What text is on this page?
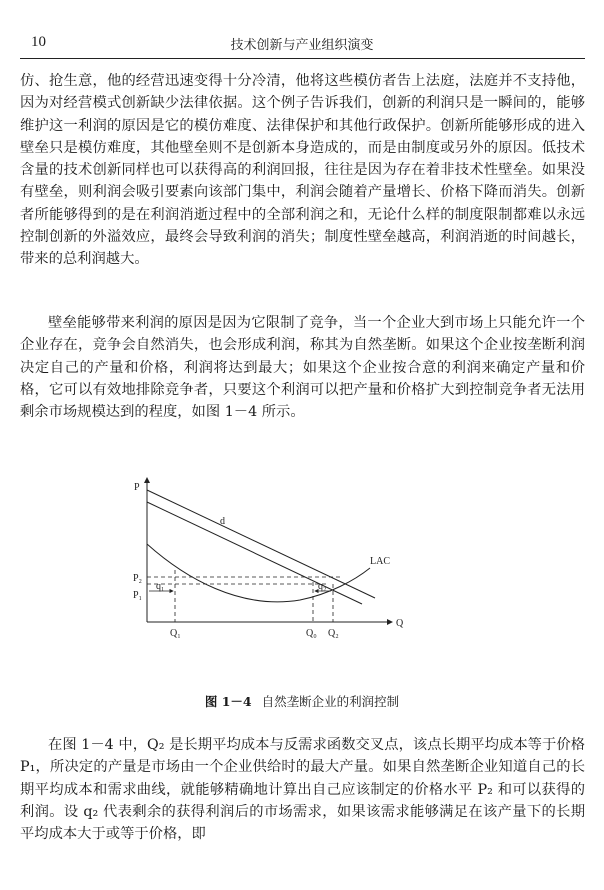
10	技术创新与产业组织演变

仿、抢生意，他的经营迅速变得十分冷清，他将这些模仿者告上法庭，法庭并不支持他，因为对经营模式创新缺少法律依据。这个例子告诉我们，创新的利润只是一瞬间的，能够维护这一利润的原因是它的模仿难度、法律保护和其他行政保护。创新所能够形成的进入壁垒只是模仿难度，其他壁垒则不是创新本身造成的，而是由制度或另外的原因。低技术含量的技术创新同样也可以获得高的利润回报，往往是因为存在着非技术性壁垒。如果没有壁垒，则利润会吸引要素向该部门集中，利润会随着产量增长、价格下降而消失。创新者所能够得到的是在利润消逝过程中的全部利润之和，无论什么样的制度限制都难以永远控制创新的外溢效应，最终会导致利润的消失；制度性壁垒越高，利润消逝的时间越长，带来的总利润越大。

壁垒能够带来利润的原因是因为它限制了竞争，当一个企业大到市场上只能允许一个企业存在，竞争会自然消失，也会形成利润，称其为自然垄断。如果这个企业按垄断利润决定自己的产量和价格，利润将达到最大；如果这个企业按合意的利润来确定产量和价格，它可以有效地排除竞争者，只要这个利润可以把产量和价格扩大到控制竞争者无法用剩余市场规模达到的程度，如图 1－4 所示。

P
Q
d
LAC
P₂
P₁
q₁	q₂
Q₁	Q₀ Q₂
图 1－4 自然垄断企业的利润控制

在图 1－4 中，Q₂ 是长期平均成本与反需求函数交叉点，该点长期平均成本等于价格 P₁，所决定的产量是市场由一个企业供给时的最大产量。如果自然垄断企业知道自己的长期平均成本和需求曲线，就能够精确地计算出自己应该制定的价格水平 P₂ 和可以获得的利润。设 q₂ 代表剩余的获得利润后的市场需求，如果该需求能够满足在该产量下的长期平均成本大于或等于价格，即
